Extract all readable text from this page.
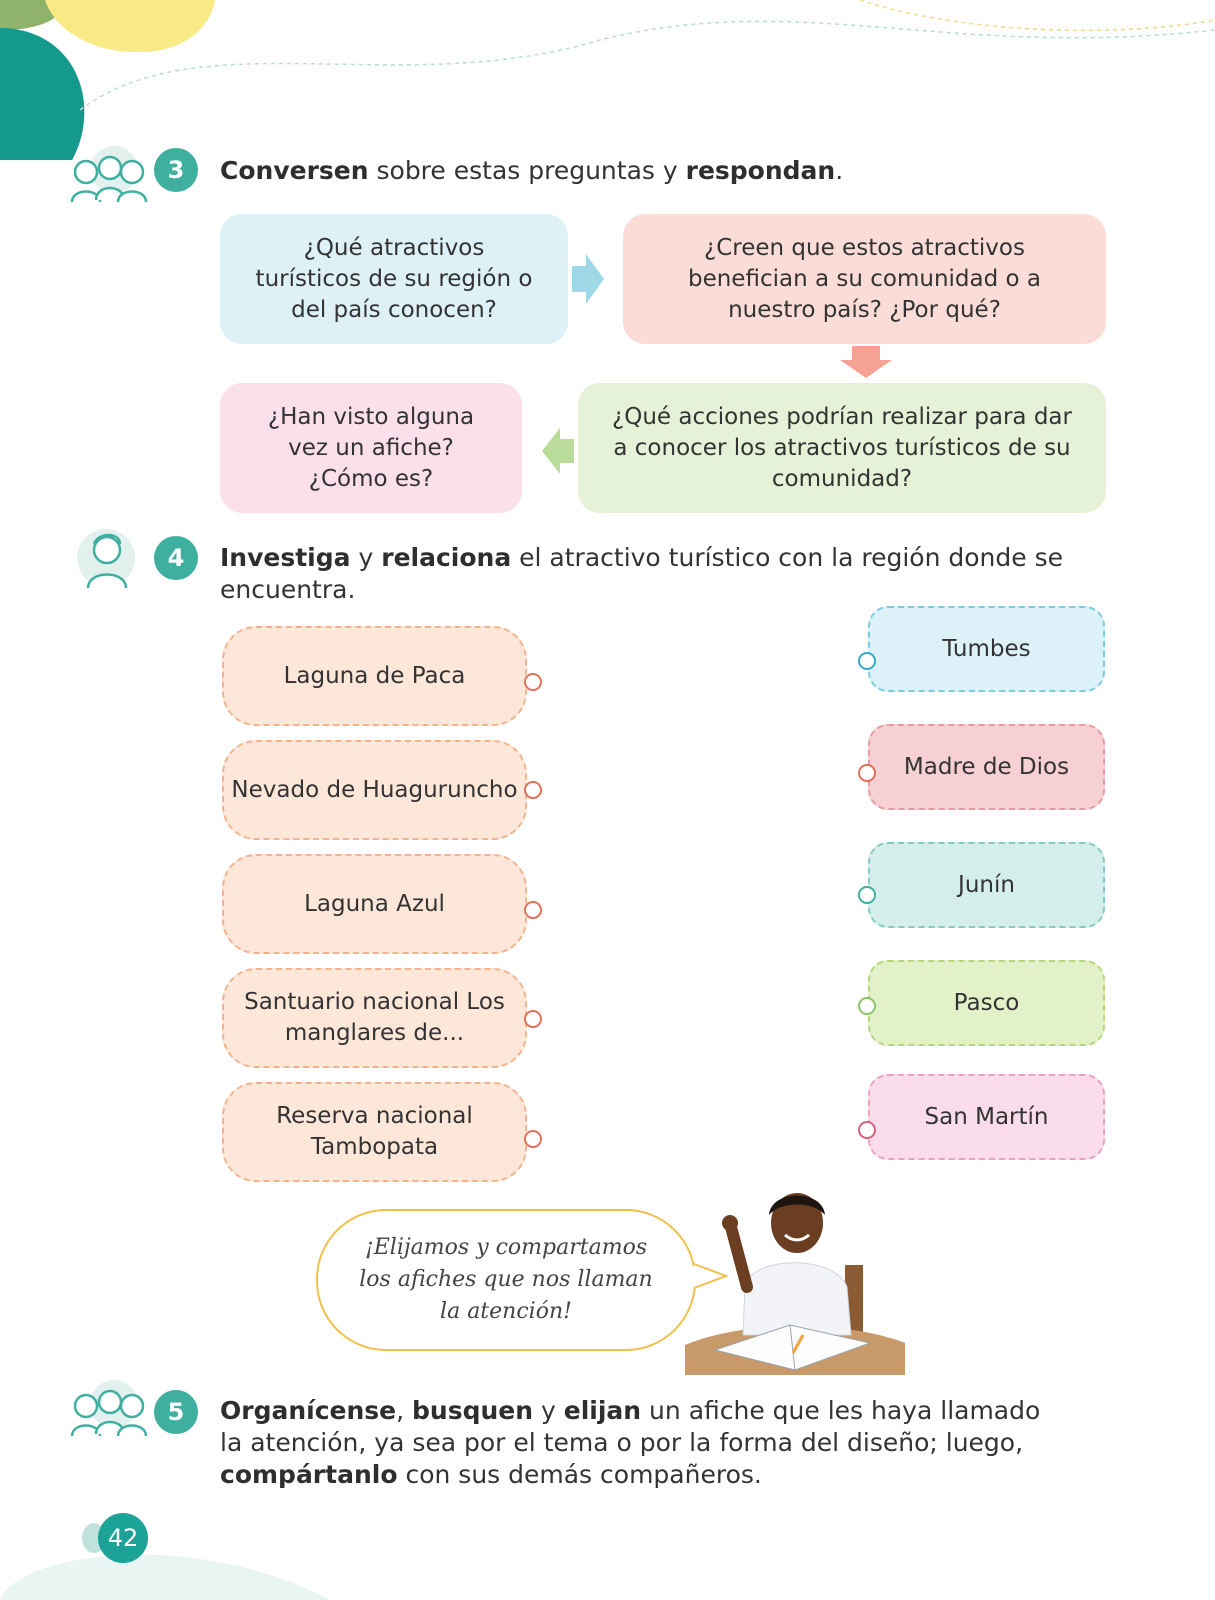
3	Conversen sobre estas preguntas y respondan.
¿Qué atractivos turísticos de su región o del país conocen?
¿Creen que estos atractivos benefician a su comunidad o a nuestro país? ¿Por qué?
¿Qué acciones podrían realizar para dar a conocer los atractivos turísticos de su comunidad?
¿Han visto alguna vez un afiche? ¿Cómo es?
4	Investiga y relaciona el atractivo turístico con la región donde se encuentra.
Laguna de Paca
Nevado de Huagurunch​o
Laguna Azul
Santuario nacional Los manglares de...
Reserva nacional Tambopata
Tumbes
Madre de Dios
Junín
Pasco
San Martín
¡Elijamos y compartamos los afiches que nos llaman la atención!
5	Organícense, busquen y elijan un afiche que les haya llamado la atención, ya sea por el tema o por la forma del diseño; luego, compártanlo con sus demás compañeros.
42
